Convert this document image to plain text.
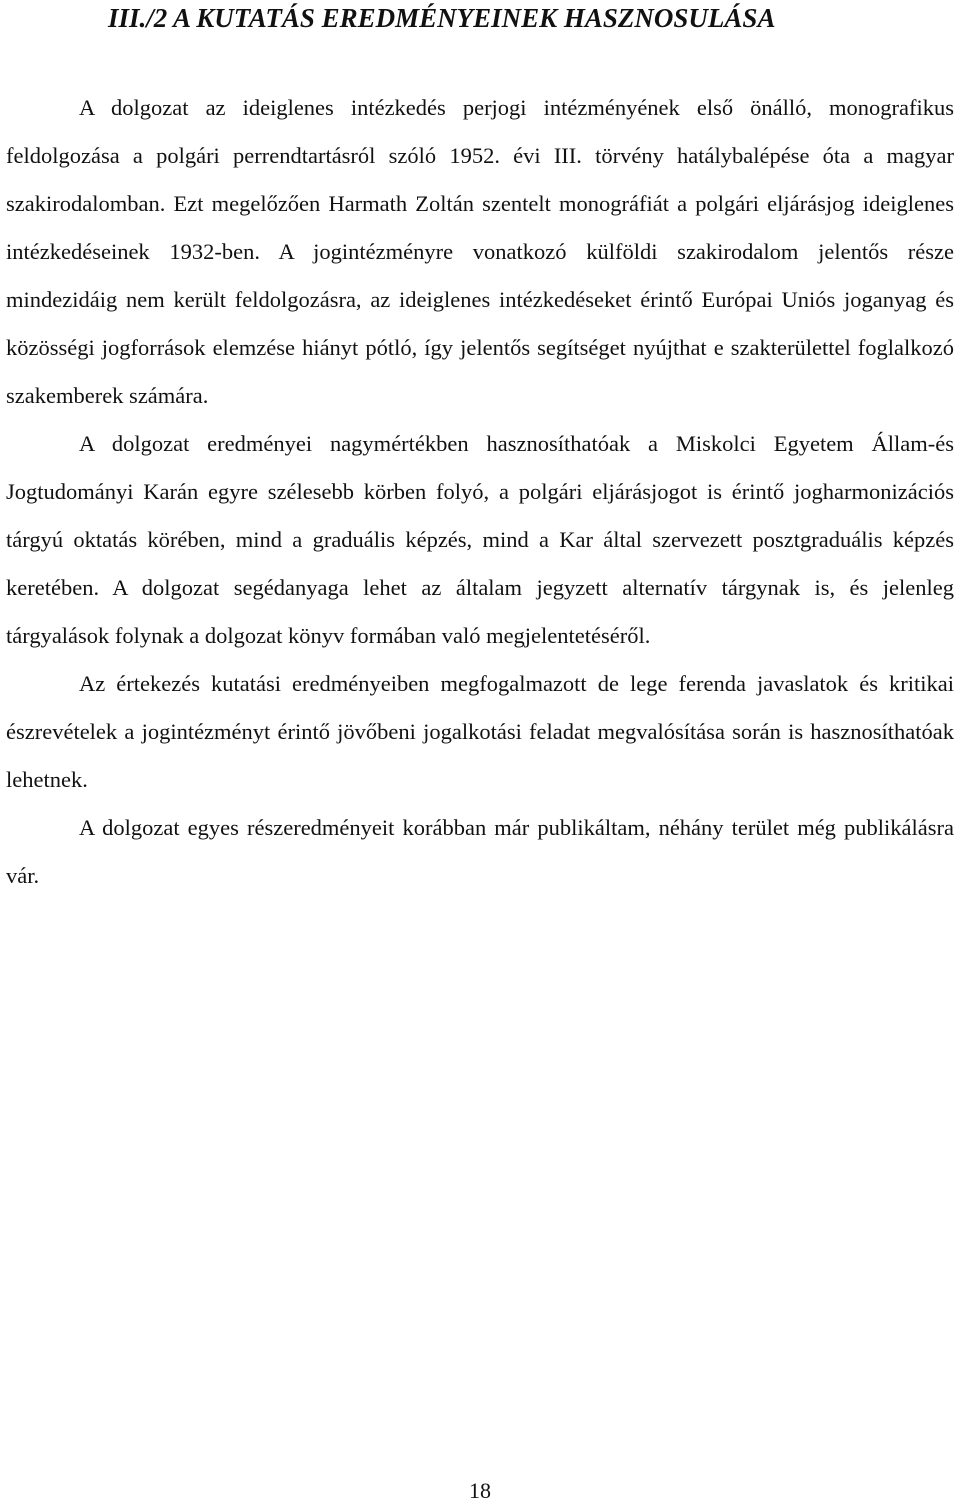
III./2 A KUTATÁS EREDMÉNYEINEK HASZNOSULÁSA

A dolgozat az ideiglenes intézkedés perjogi intézményének első önálló, monografikus feldolgozása a polgári perrendtartásról szóló 1952. évi III. törvény hatálybalépése óta a magyar szakirodalomban. Ezt megelőzően Harmath Zoltán szentelt monográfiát a polgári eljárásjog ideiglenes intézkedéseinek 1932-ben. A jogintézményre vonatkozó külföldi szakirodalom jelentős része mindezidáig nem került feldolgozásra, az ideiglenes intézkedéseket érintő Európai Uniós joganyag és közösségi jogforrások elemzése hiányt pótló, így jelentős segítséget nyújthat e szakterülettel foglalkozó szakemberek számára.

A dolgozat eredményei nagymértékben hasznosíthatóak a Miskolci Egyetem Állam-és Jogtudományi Karán egyre szélesebb körben folyó, a polgári eljárásjogot is érintő jogharmonizációs tárgyú oktatás körében, mind a graduális képzés, mind a Kar által szervezett posztgraduális képzés keretében. A dolgozat segédanyaga lehet az általam jegyzett alternatív tárgynak is, és jelenleg tárgyalások folynak a dolgozat könyv formában való megjelentetéséről.

Az értekezés kutatási eredményeiben megfogalmazott de lege ferenda javaslatok és kritikai észrevételek a jogintézményt érintő jövőbeni jogalkotási feladat megvalósítása során is hasznosíthatóak lehetnek.

A dolgozat egyes részeredményeit korábban már publikáltam, néhány terület még publikálásra vár.

18
